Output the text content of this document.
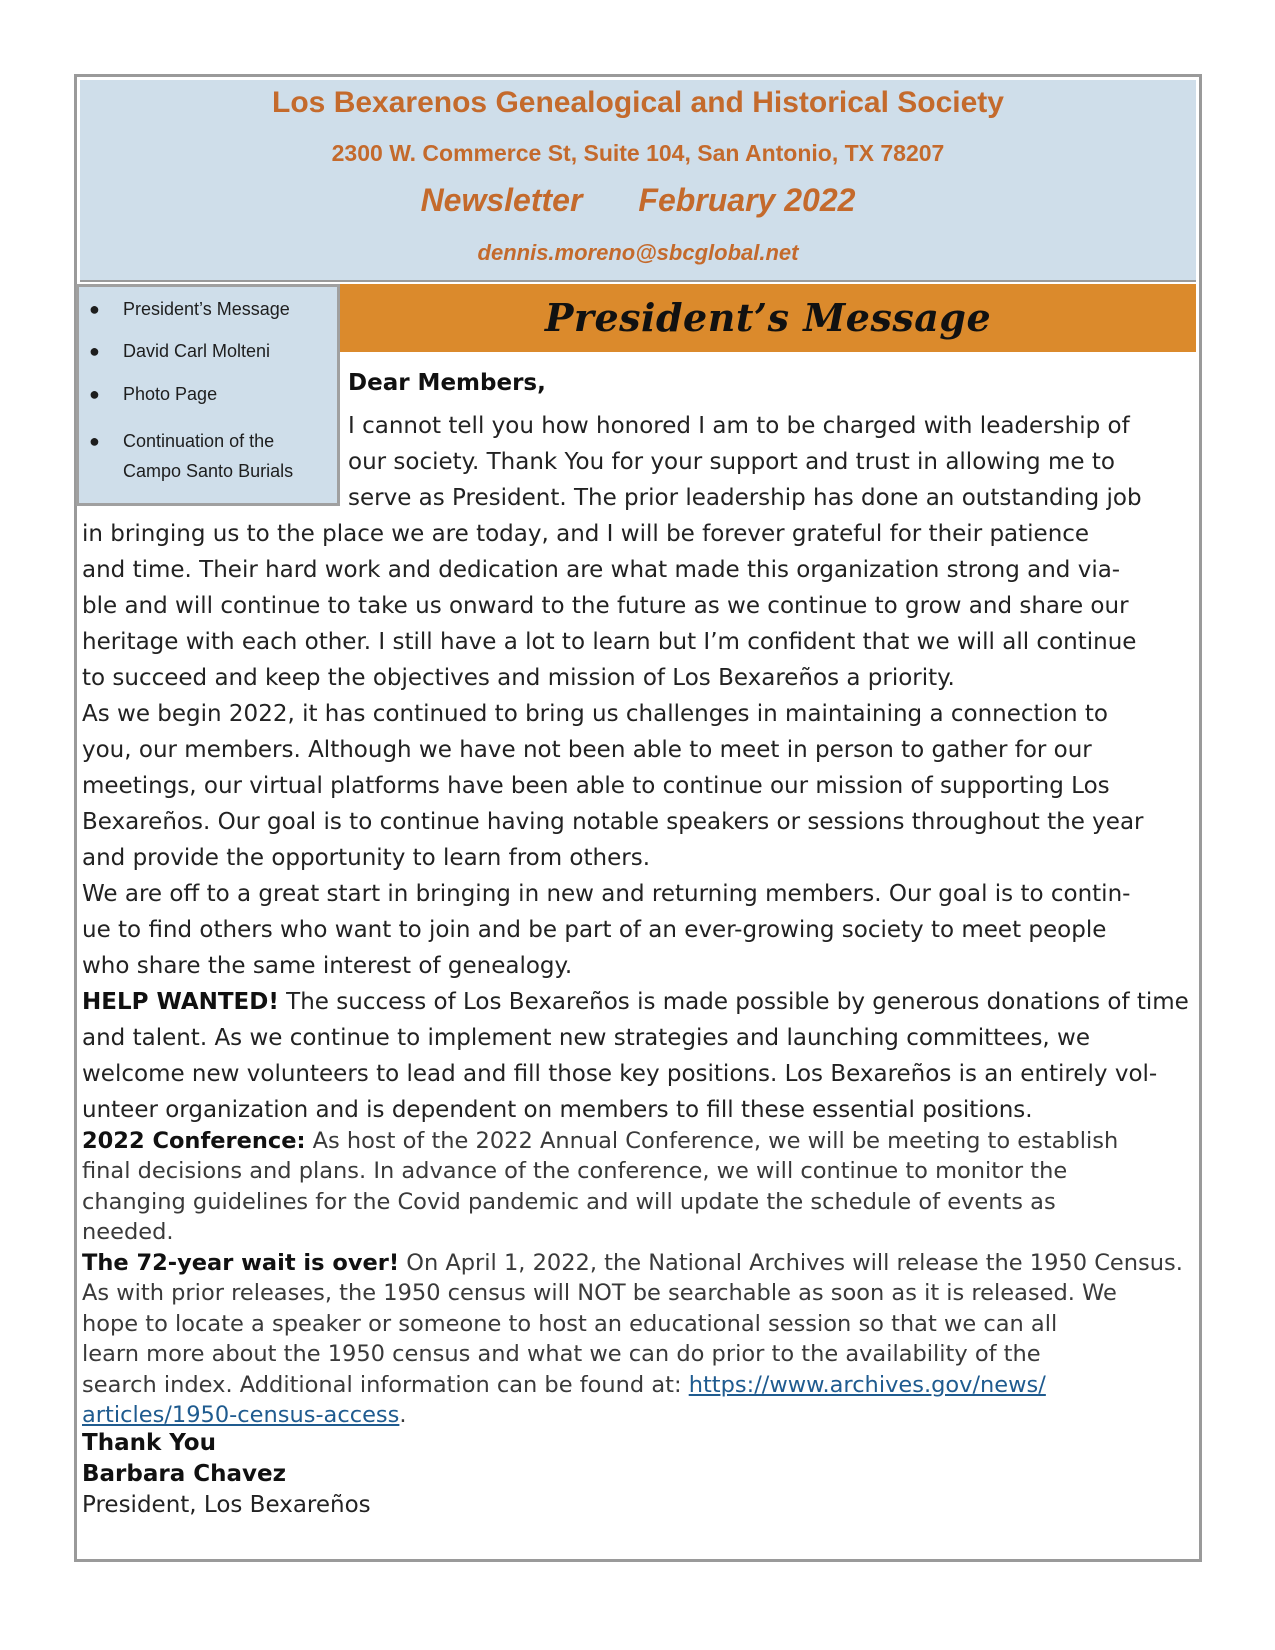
Los Bexarenos Genealogical and Historical Society
2300 W. Commerce St, Suite 104, San Antonio, TX 78207
Newsletter February 2022
dennis.moreno@sbcglobal.net
● President’s Message
● David Carl Molteni
● Photo Page
● Continuation of the
Campo Santo Burials
President’s Message
Dear Members,
I cannot tell you how honored I am to be charged with leadership of
our society. Thank You for your support and trust in allowing me to
serve as President. The prior leadership has done an outstanding job
in bringing us to the place we are today, and I will be forever grateful for their patience
and time. Their hard work and dedication are what made this organization strong and via-
ble and will continue to take us onward to the future as we continue to grow and share our
heritage with each other. I still have a lot to learn but I’m confident that we will all continue
to succeed and keep the objectives and mission of Los Bexareños a priority.
As we begin 2022, it has continued to bring us challenges in maintaining a connection to
you, our members. Although we have not been able to meet in person to gather for our
meetings, our virtual platforms have been able to continue our mission of supporting Los
Bexareños. Our goal is to continue having notable speakers or sessions throughout the year
and provide the opportunity to learn from others.
We are off to a great start in bringing in new and returning members. Our goal is to contin-
ue to find others who want to join and be part of an ever-growing society to meet people
who share the same interest of genealogy.
HELP WANTED! The success of Los Bexareños is made possible by generous donations of time
and talent. As we continue to implement new strategies and launching committees, we
welcome new volunteers to lead and fill those key positions. Los Bexareños is an entirely vol-
unteer organization and is dependent on members to fill these essential positions.
2022 Conference: As host of the 2022 Annual Conference, we will be meeting to establish
final decisions and plans. In advance of the conference, we will continue to monitor the
changing guidelines for the Covid pandemic and will update the schedule of events as
needed.
The 72-year wait is over! On April 1, 2022, the National Archives will release the 1950 Census.
As with prior releases, the 1950 census will NOT be searchable as soon as it is released. We
hope to locate a speaker or someone to host an educational session so that we can all
learn more about the 1950 census and what we can do prior to the availability of the
search index. Additional information can be found at: https://www.archives.gov/news/
articles/1950-census-access.
Thank You
Barbara Chavez
President, Los Bexareños
